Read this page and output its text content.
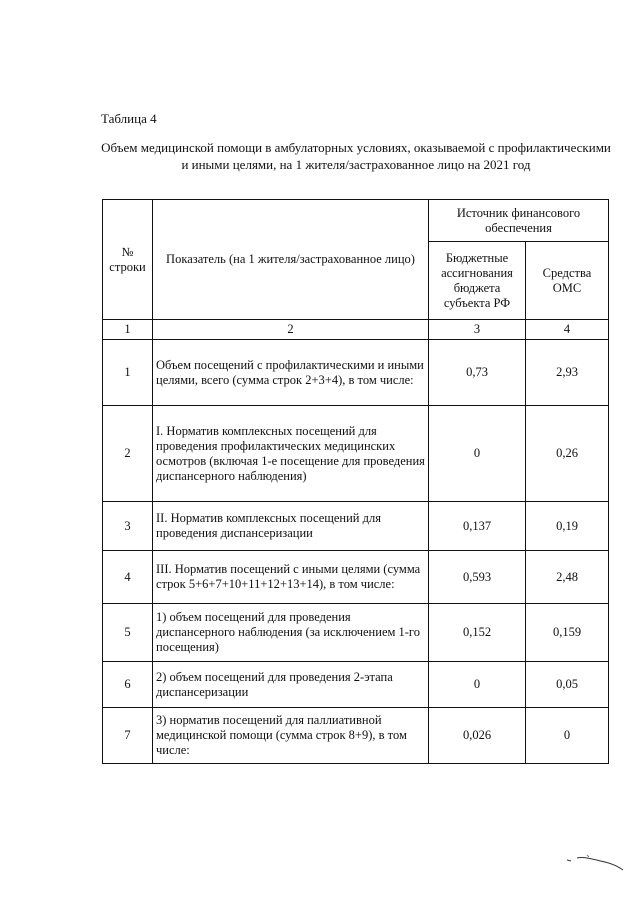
Таблица 4
Объем медицинской помощи в амбулаторных условиях, оказываемой с профилактическими и иными целями, на 1 жителя/застрахованное лицо на 2021 год
№ строки	Показатель (на 1 жителя/застрахованное лицо)	Источник финансового обеспечения	
		Бюджетные ассигнования бюджета субъекта РФ	Средства ОМС
1	2	3	4
1	Объем посещений с профилактическими и иными целями, всего (сумма строк 2+3+4), в том числе:	0,73	2,93
2	I. Норматив комплексных посещений для проведения профилактических медицинских осмотров (включая 1-е посещение для проведения диспансерного наблюдения)	0	0,26
3	II. Норматив комплексных посещений для проведения диспансеризации	0,137	0,19
4	III. Норматив посещений с иными целями (сумма строк 5+6+7+10+11+12+13+14), в том числе:	0,593	2,48
5	1) объем посещений для проведения диспансерного наблюдения (за исключением 1-го посещения)	0,152	0,159
6	2) объем посещений для проведения 2-этапа диспансеризации	0	0,05
7	3) норматив посещений для паллиативной медицинской помощи (сумма строк 8+9), в том числе:	0,026	0
